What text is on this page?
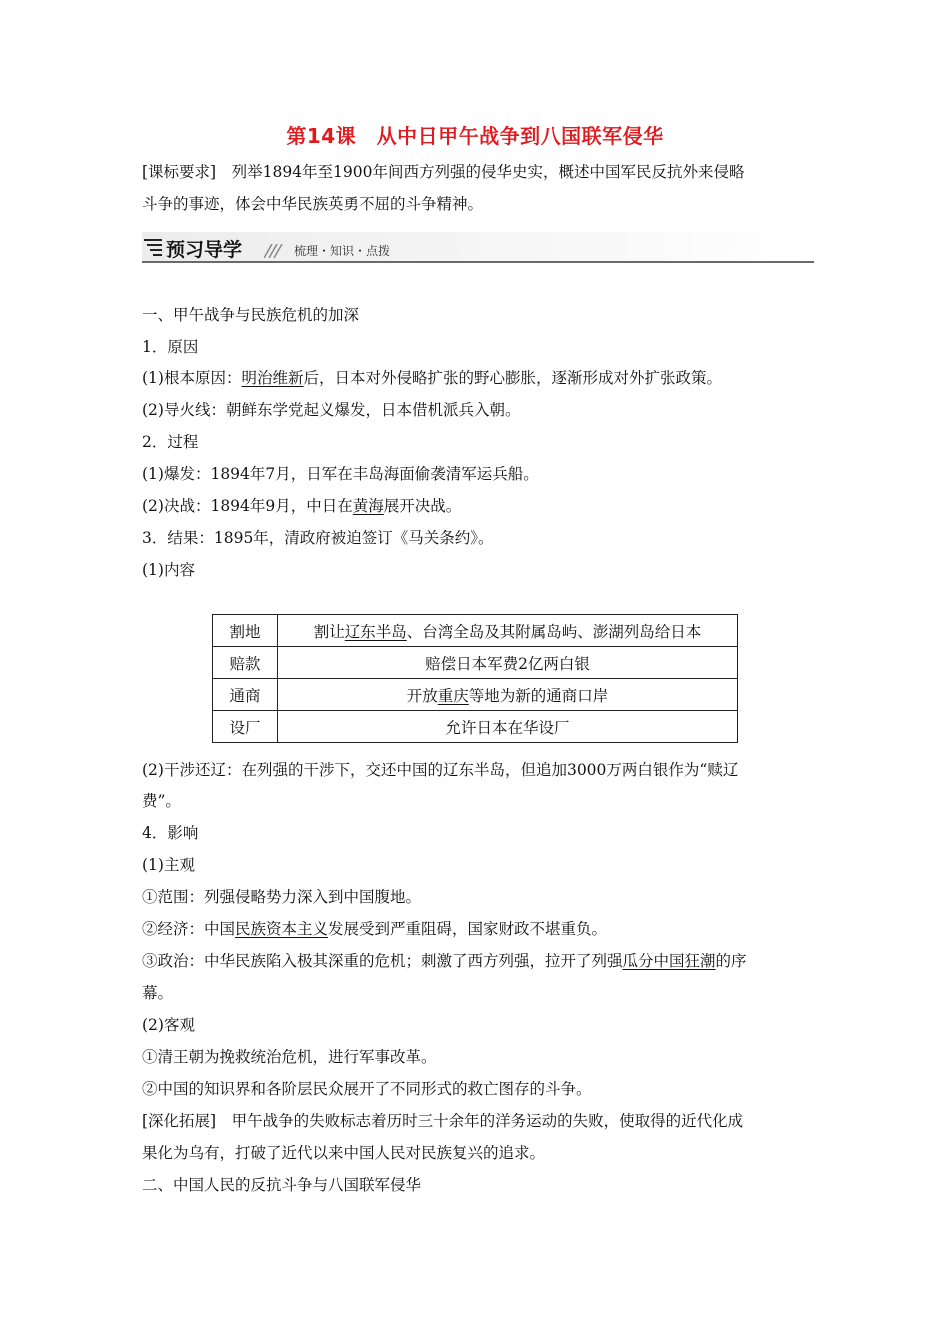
第14课　从中日甲午战争到八国联军侵华
[课标要求]　列举1894年至1900年间西方列强的侵华史实，概述中国军民反抗外来侵略
斗争的事迹，体会中华民族英勇不屈的斗争精神。
预习导学	梳理・知识・点拨
一、甲午战争与民族危机的加深
1．原因
(1)根本原因：明治维新后，日本对外侵略扩张的野心膨胀，逐渐形成对外扩张政策。
(2)导火线：朝鲜东学党起义爆发，日本借机派兵入朝。
2．过程
(1)爆发：1894年7月，日军在丰岛海面偷袭清军运兵船。
(2)决战：1894年9月，中日在黄海展开决战。
3．结果：1895年，清政府被迫签订《马关条约》。
(1)内容
割地	割让辽东半岛、台湾全岛及其附属岛屿、澎湖列岛给日本
赔款	赔偿日本军费2亿两白银
通商	开放重庆等地为新的通商口岸
设厂	允许日本在华设厂
(2)干涉还辽：在列强的干涉下，交还中国的辽东半岛，但追加3000万两白银作为“赎辽
费”。
4．影响
(1)主观
①范围：列强侵略势力深入到中国腹地。
②经济：中国民族资本主义发展受到严重阻碍，国家财政不堪重负。
③政治：中华民族陷入极其深重的危机；刺激了西方列强，拉开了列强瓜分中国狂潮的序
幕。
(2)客观
①清王朝为挽救统治危机，进行军事改革。
②中国的知识界和各阶层民众展开了不同形式的救亡图存的斗争。
[深化拓展]　甲午战争的失败标志着历时三十余年的洋务运动的失败，使取得的近代化成
果化为乌有，打破了近代以来中国人民对民族复兴的追求。
二、中国人民的反抗斗争与八国联军侵华
